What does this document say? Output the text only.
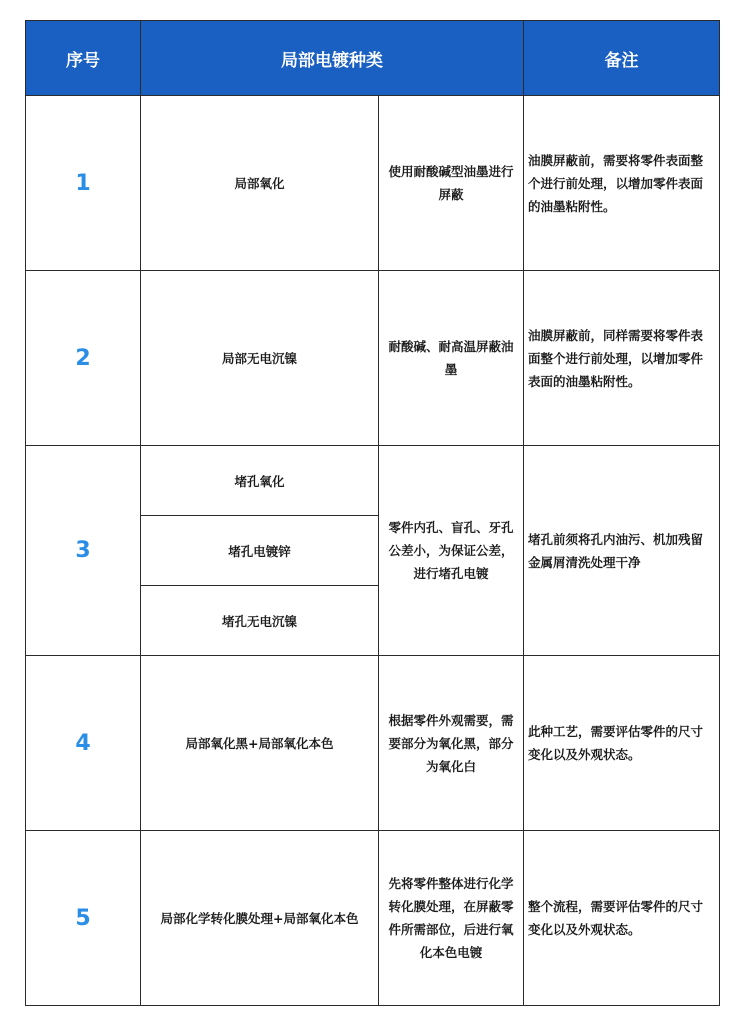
序号	局部电镀种类		备注
1	局部氧化	使用耐酸碱型油墨进行屏蔽	油膜屏蔽前，需要将零件表面整个进行前处理，以增加零件表面的油墨粘附性。
2	局部无电沉镍	耐酸碱、耐高温屏蔽油墨	油膜屏蔽前，同样需要将零件表面整个进行前处理，以增加零件表面的油墨粘附性。
3	堵孔氧化	零件内孔、盲孔、牙孔公差小，为保证公差，进行堵孔电镀	堵孔前须将孔内油污、机加残留金属屑清洗处理干净
	堵孔电镀锌		
	堵孔无电沉镍		
4	局部氧化黑+局部氧化本色	根据零件外观需要，需要部分为氧化黑，部分为氧化白	此种工艺，需要评估零件的尺寸变化以及外观状态。
5	局部化学转化膜处理+局部氧化本色	先将零件整体进行化学转化膜处理，在屏蔽零件所需部位，后进行氧化本色电镀	整个流程，需要评估零件的尺寸变化以及外观状态。
